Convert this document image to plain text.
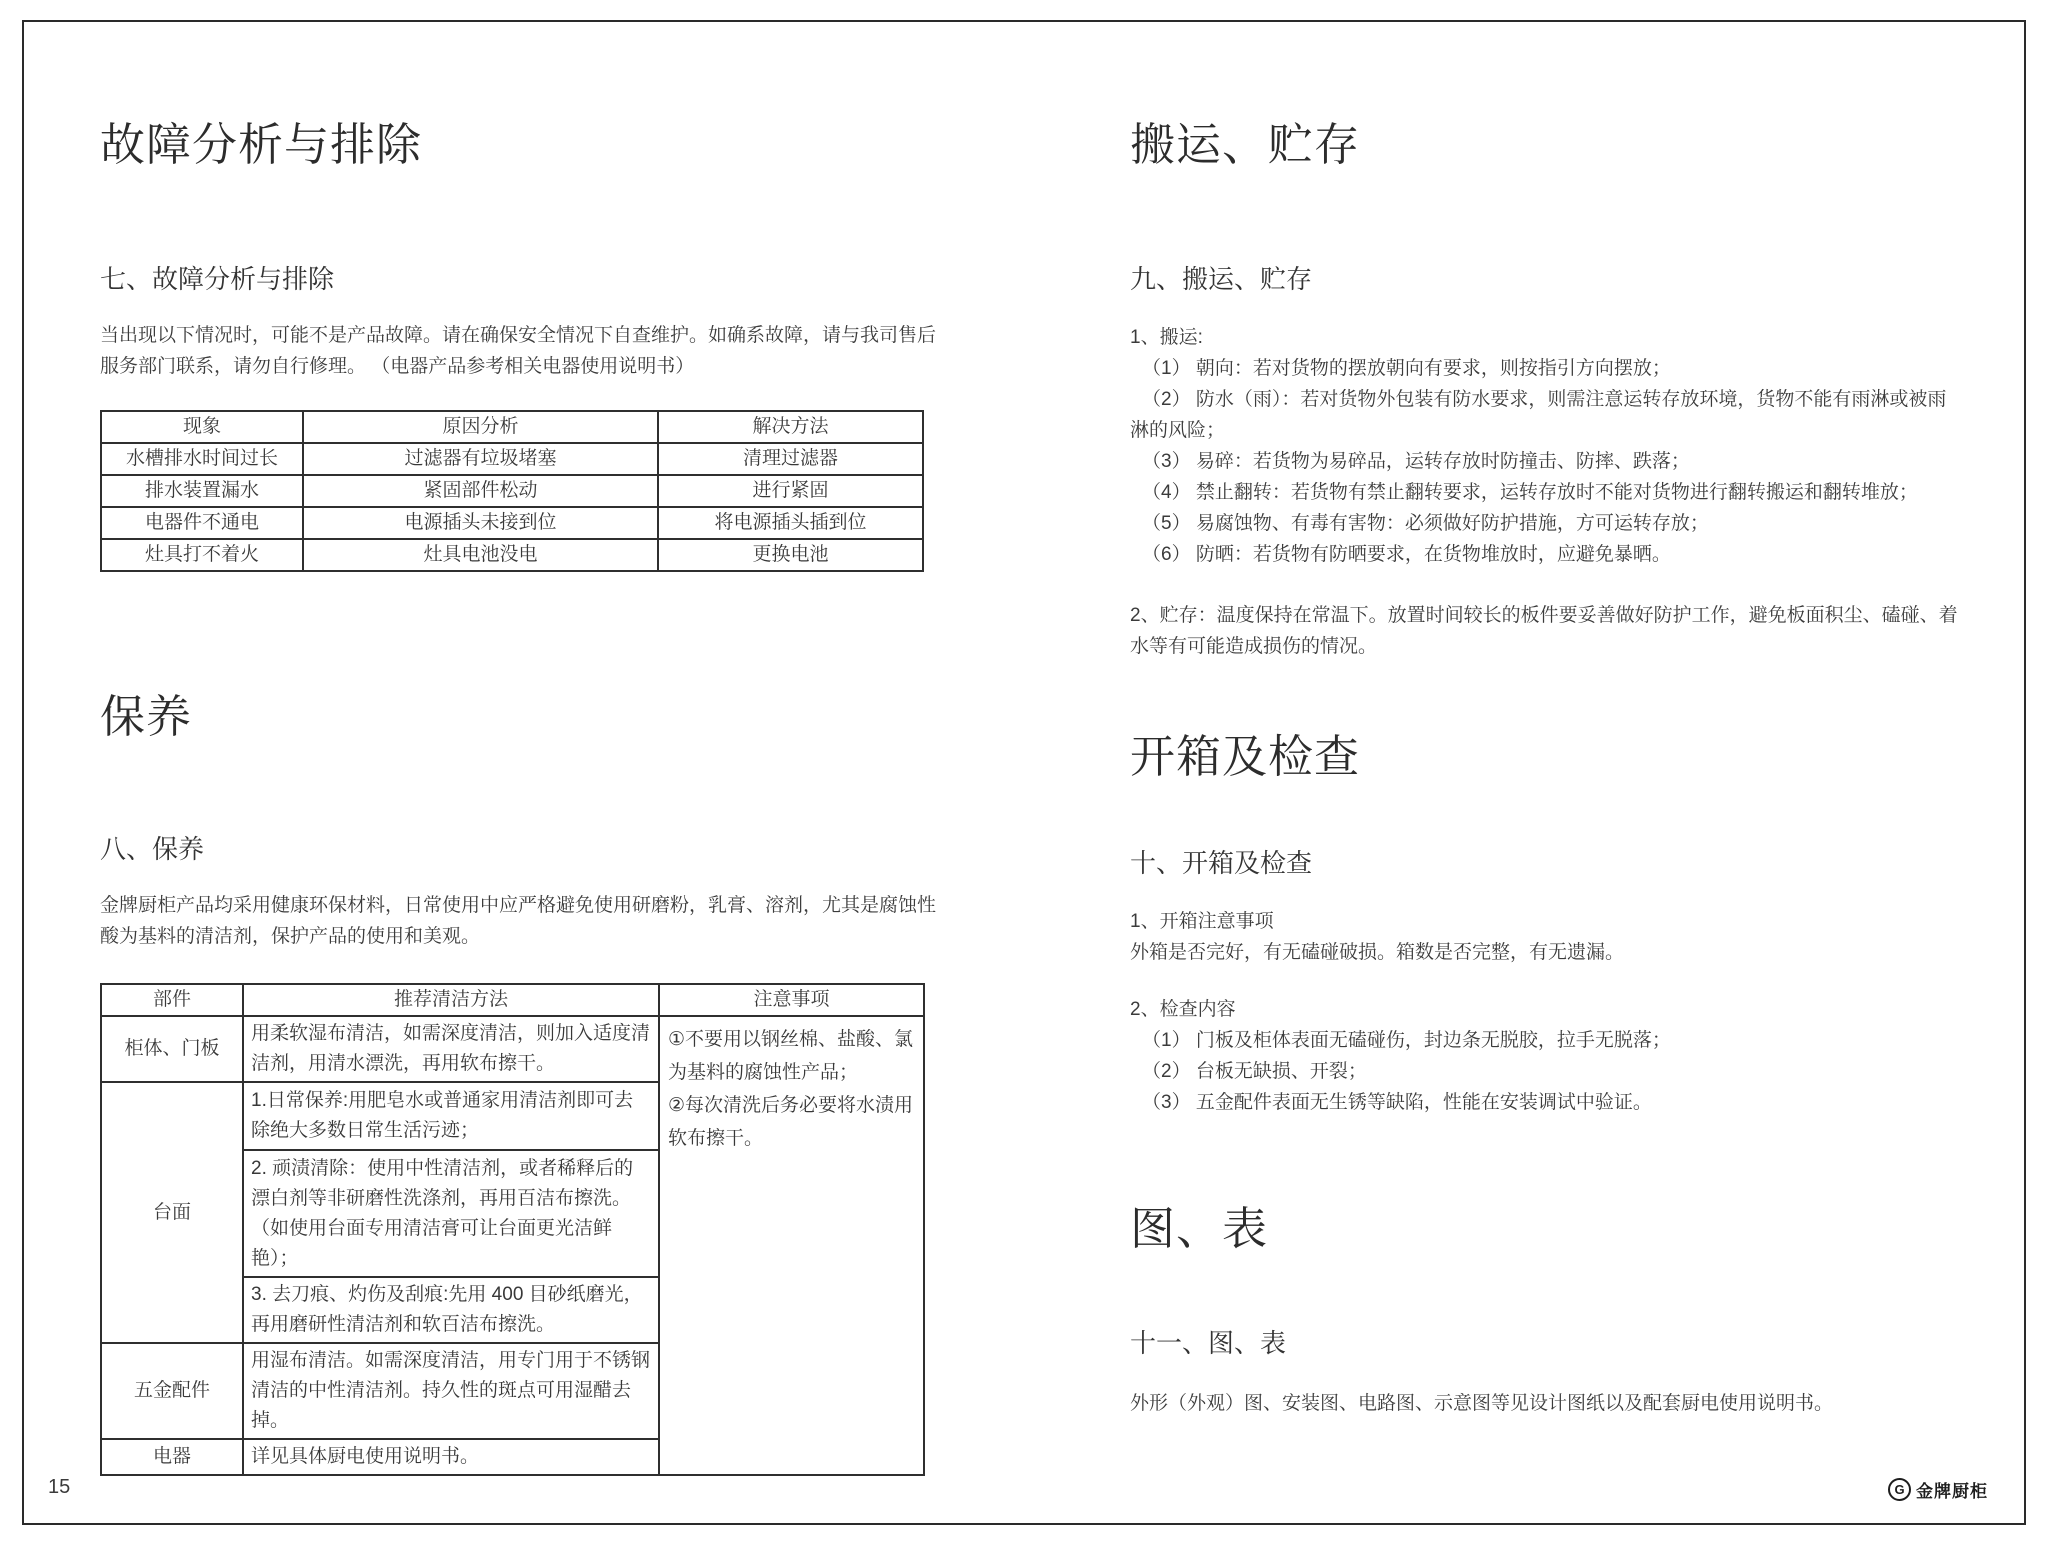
故障分析与排除
七、故障分析与排除
当出现以下情况时，可能不是产品故障。请在确保安全情况下自查维护。如确系故障，请与我司售后服务部门联系，请勿自行修理。 （电器产品参考相关电器使用说明书）
现象	原因分析	解决方法
水槽排水时间过长	过滤器有垃圾堵塞	清理过滤器
排水装置漏水	紧固部件松动	进行紧固
电器件不通电	电源插头未接到位	将电源插头插到位
灶具打不着火	灶具电池没电	更换电池
保养
八、保养
金牌厨柜产品均采用健康环保材料，日常使用中应严格避免使用研磨粉，乳膏、溶剂，尤其是腐蚀性酸为基料的清洁剂，保护产品的使用和美观。
部件	推荐清洁方法	注意事项
柜体、门板	用柔软湿布清洁，如需深度清洁，则加入适度清洁剂，用清水漂洗，再用软布擦干。	①不要用以钢丝棉、盐酸、氯为基料的腐蚀性产品；
②每次清洗后务必要将水渍用软布擦干。

台面	1.日常保养:用肥皂水或普通家用清洁剂即可去除绝大多数日常生活污迹；	
	2. 顽渍清除：使用中性清洁剂，或者稀释后的漂白剂等非研磨性洗涤剂，再用百洁布擦洗。（如使用台面专用清洁膏可让台面更光洁鲜艳）；	
	3. 去刀痕、灼伤及刮痕:先用 400 目砂纸磨光，再用磨研性清洁剂和软百洁布擦洗。	
五金配件	用湿布清洁。如需深度清洁，用专门用于不锈钢清洁的中性清洁剂。持久性的斑点可用湿醋去掉。	
电器	详见具体厨电使用说明书。	
搬运、贮存
九、搬运、贮存
1、搬运:
（1） 朝向：若对货物的摆放朝向有要求，则按指引方向摆放；
（2） 防水（雨）：若对货物外包装有防水要求，则需注意运转存放环境，货物不能有雨淋或被雨淋的风险；
（3） 易碎：若货物为易碎品，运转存放时防撞击、防摔、跌落；
（4） 禁止翻转：若货物有禁止翻转要求，运转存放时不能对货物进行翻转搬运和翻转堆放；
（5） 易腐蚀物、有毒有害物：必须做好防护措施，方可运转存放；
（6） 防晒：若货物有防晒要求，在货物堆放时，应避免暴晒。
2、贮存：温度保持在常温下。放置时间较长的板件要妥善做好防护工作，避免板面积尘、磕碰、着水等有可能造成损伤的情况。
开箱及检查
十、开箱及检查
1、开箱注意事项
外箱是否完好，有无磕碰破损。箱数是否完整，有无遗漏。
2、检查内容
（1） 门板及柜体表面无磕碰伤，封边条无脱胶，拉手无脱落；
（2） 台板无缺损、开裂；
（3） 五金配件表面无生锈等缺陷，性能在安装调试中验证。
图、表
十一、图、表
外形（外观）图、安装图、电路图、示意图等见设计图纸以及配套厨电使用说明书。
15	G 金牌厨柜
